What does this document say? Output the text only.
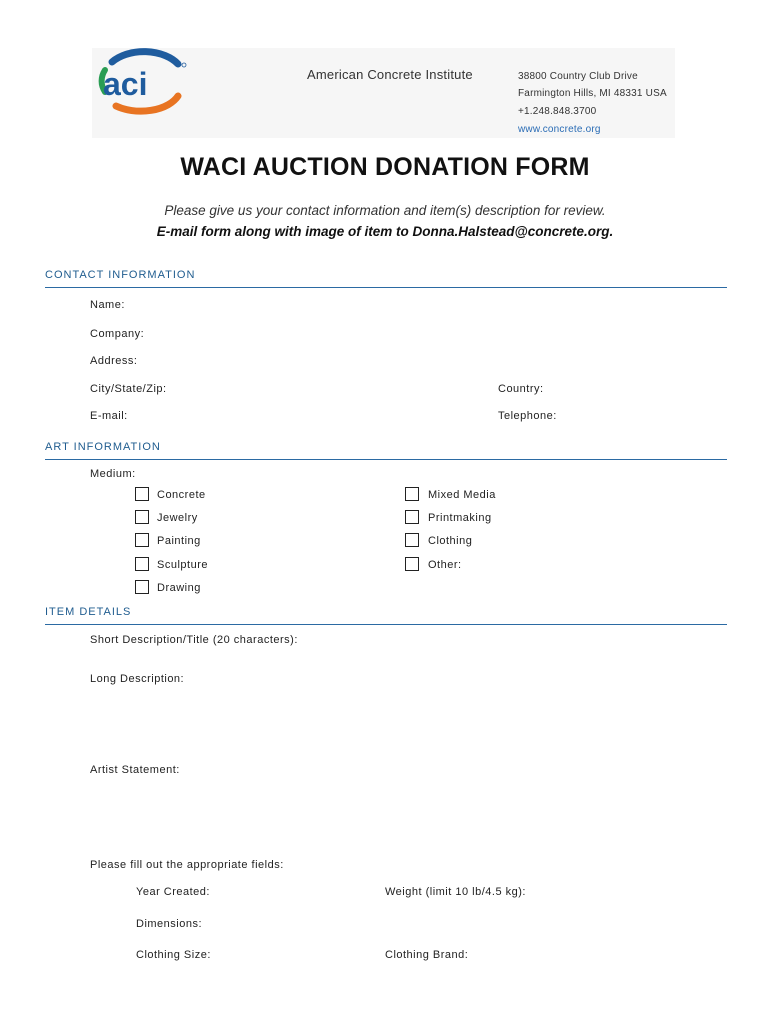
aci	American Concrete Institute	38800 Country Club Drive
Farmington Hills, MI 48331 USA
+1.248.848.3700
www.concrete.org
WACI AUCTION DONATION FORM
Please give us your contact information and item(s) description for review.
E-mail form along with image of item to Donna.Halstead@concrete.org.
CONTACT INFORMATION
Name:
Company:
Address:
City/State/Zip:	Country:
E-mail:	Telephone:
ART INFORMATION
Medium:
Concrete	Mixed Media
Jewelry	Printmaking
Painting	Clothing
Sculpture	Other:
Drawing
ITEM DETAILS
Short Description/Title (20 characters):
Long Description:
Artist Statement:
Please fill out the appropriate fields:
Year Created:	Weight (limit 10 lb/4.5 kg):
Dimensions:
Clothing Size:	Clothing Brand:
